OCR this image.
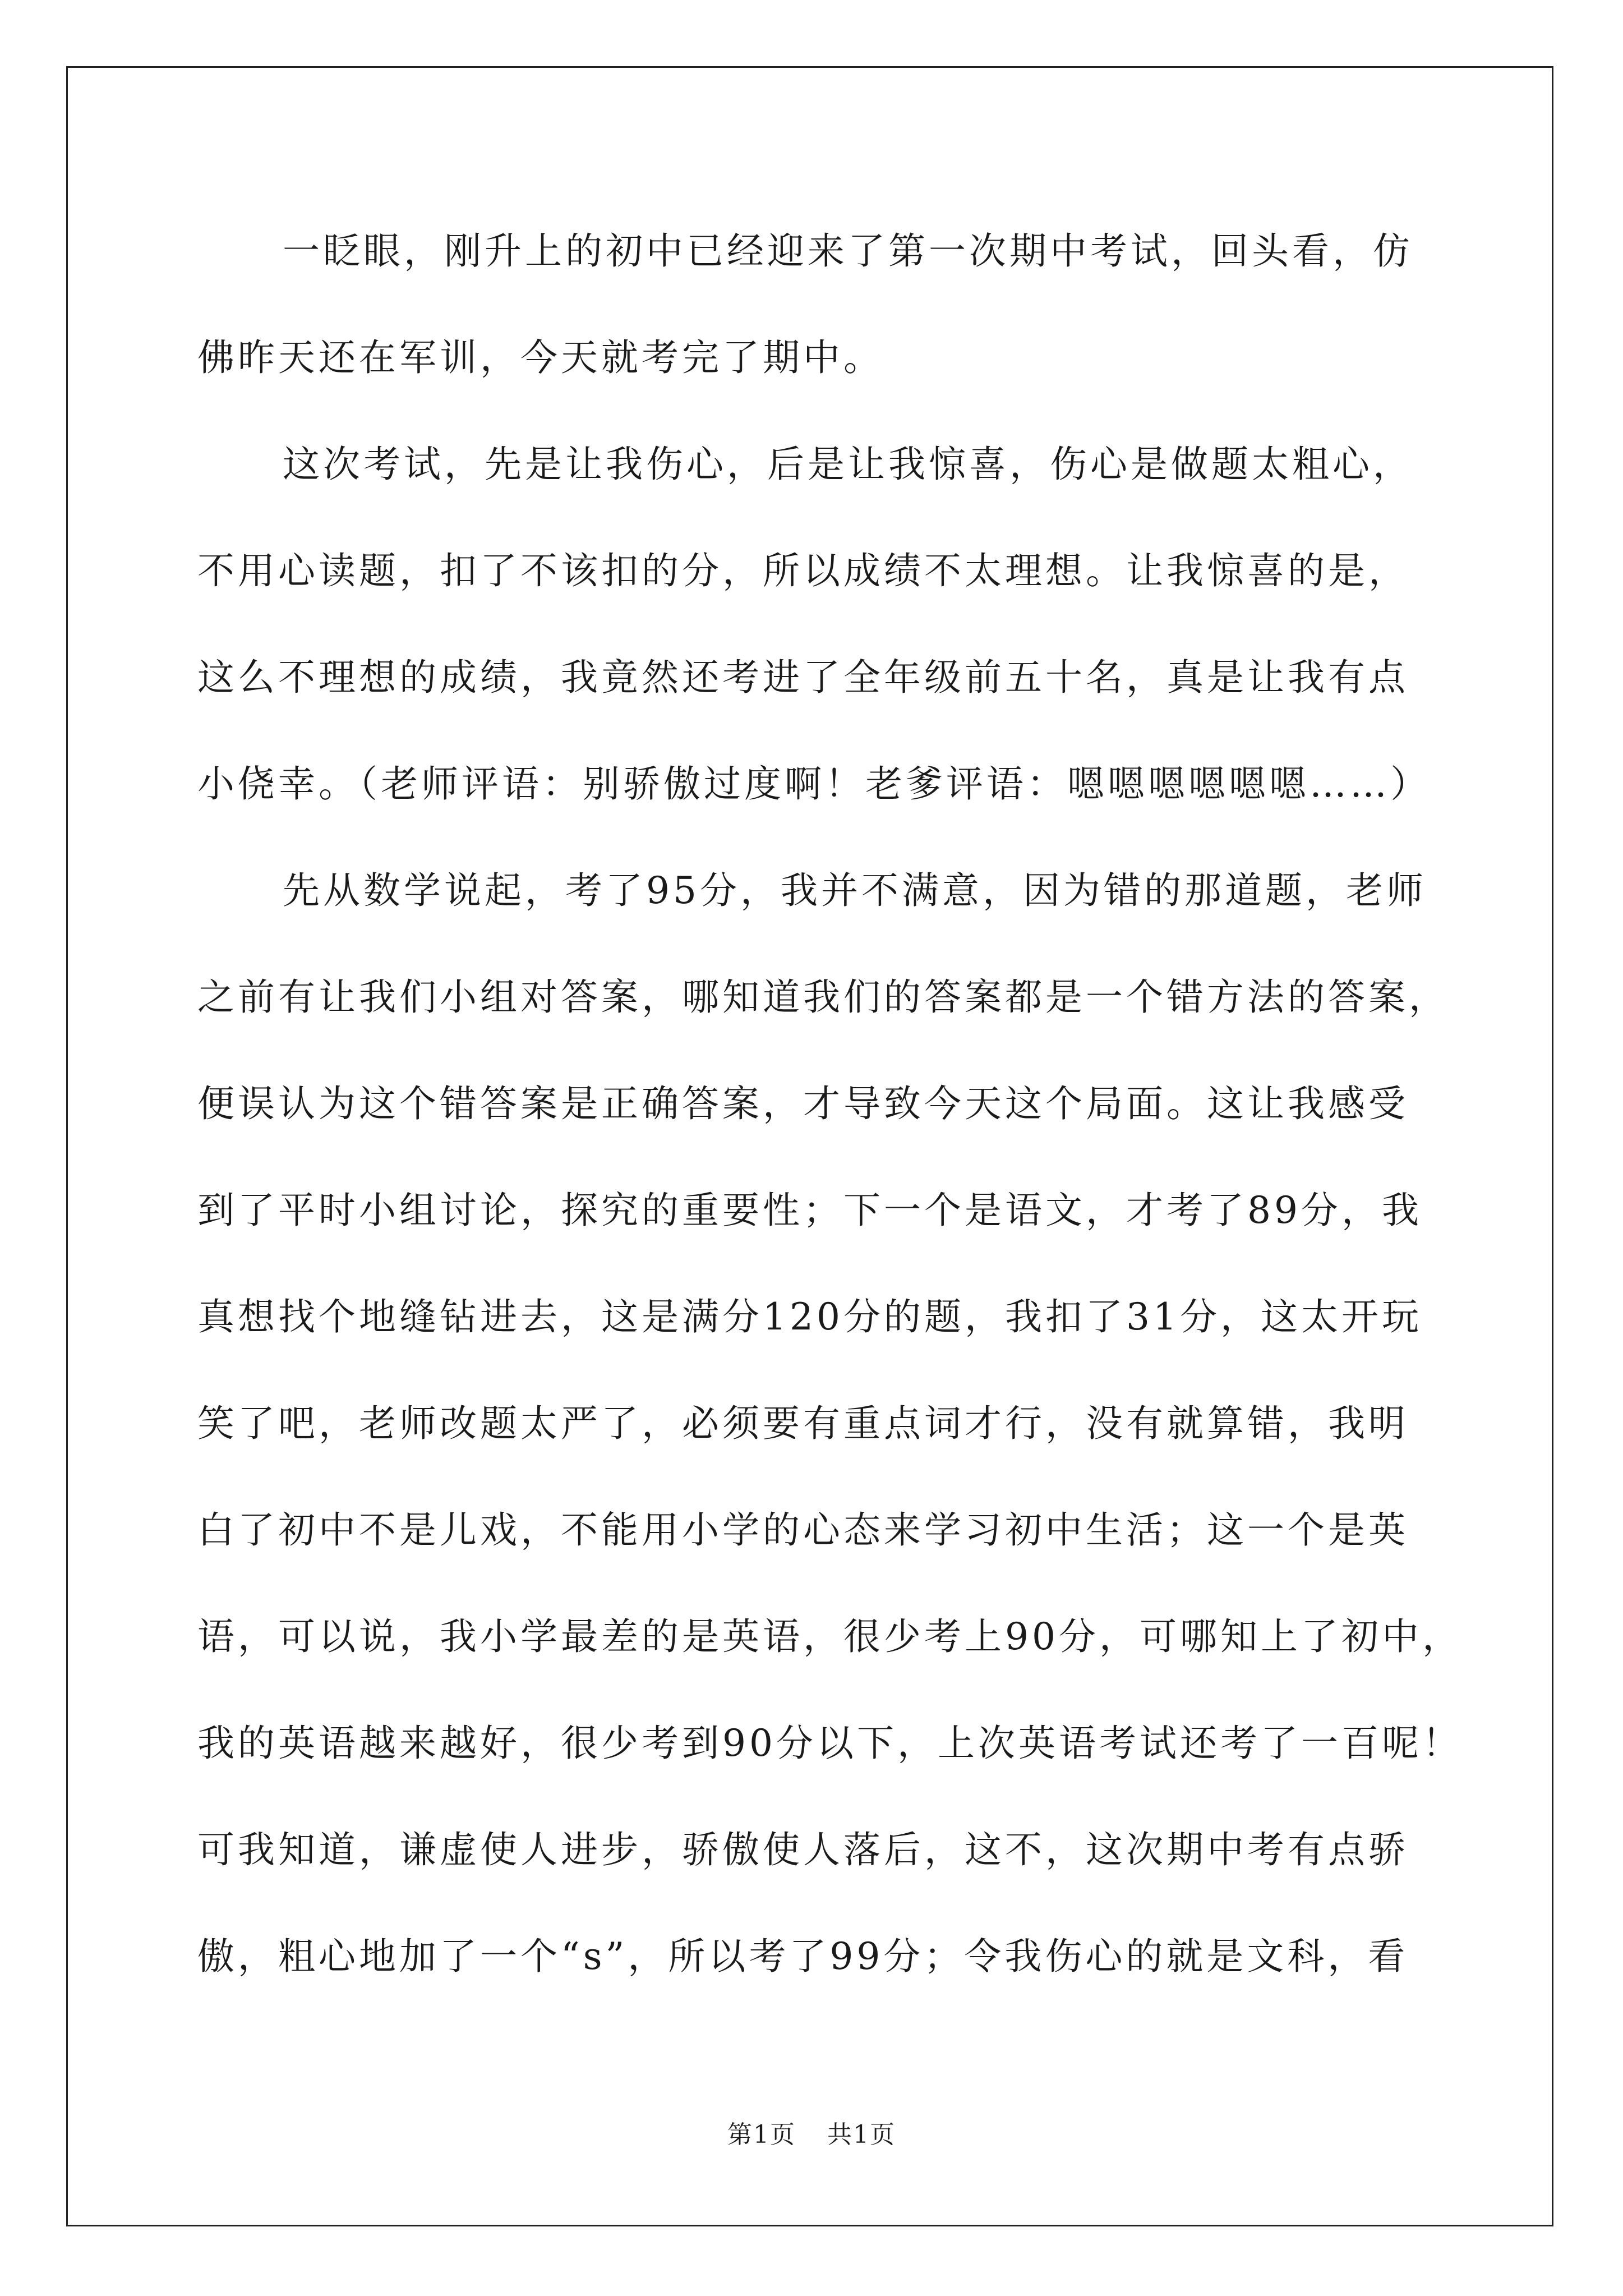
一眨眼，刚升上的初中已经迎来了第一次期中考试，回头看，仿
佛昨天还在军训，今天就考完了期中。
这次考试，先是让我伤心，后是让我惊喜，伤心是做题太粗心，
不用心读题，扣了不该扣的分，所以成绩不太理想。让我惊喜的是，
这么不理想的成绩，我竟然还考进了全年级前五十名，真是让我有点
小侥幸。（老师评语：别骄傲过度啊！老爹评语：嗯嗯嗯嗯嗯嗯……）
先从数学说起，考了95分，我并不满意，因为错的那道题，老师
之前有让我们小组对答案，哪知道我们的答案都是一个错方法的答案，
便误认为这个错答案是正确答案，才导致今天这个局面。这让我感受
到了平时小组讨论，探究的重要性；下一个是语文，才考了89分，我
真想找个地缝钻进去，这是满分120分的题，我扣了31分，这太开玩
笑了吧，老师改题太严了，必须要有重点词才行，没有就算错，我明
白了初中不是儿戏，不能用小学的心态来学习初中生活；这一个是英
语，可以说，我小学最差的是英语，很少考上90分，可哪知上了初中，
我的英语越来越好，很少考到90分以下，上次英语考试还考了一百呢！
可我知道，谦虚使人进步，骄傲使人落后，这不，这次期中考有点骄
傲，粗心地加了一个“s”，所以考了99分；令我伤心的就是文科，看
第1页 共1页
